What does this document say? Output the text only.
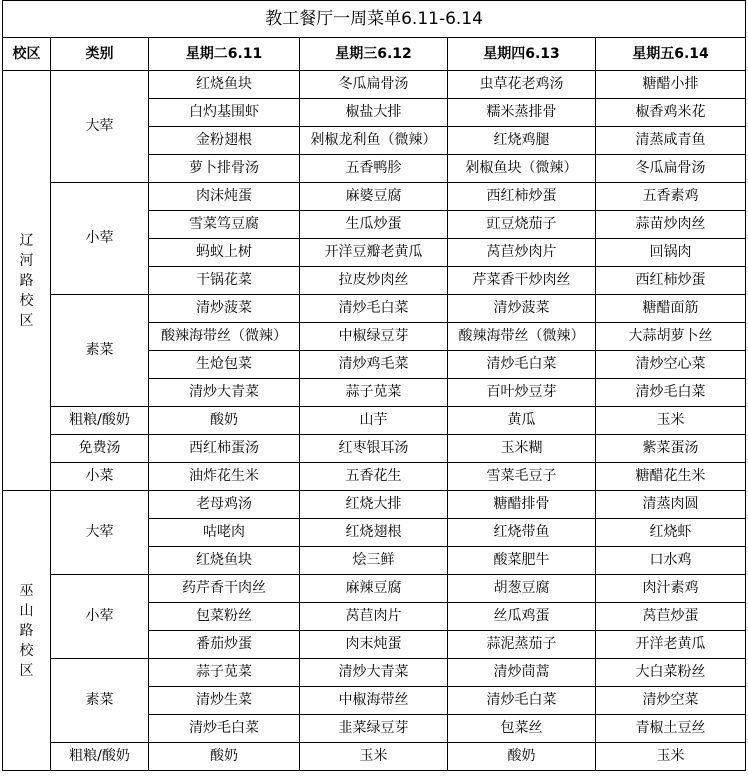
教工餐厅一周菜单6.11-6.14					
校区	类别	星期二6.11	星期三6.12	星期四6.13	星期五6.14
辽河路校区	大荤	红烧鱼块	冬瓜扁骨汤	虫草花老鸡汤	糖醋小排
		白灼基围虾	椒盐大排	糯米蒸排骨	椒香鸡米花
		金粉翅根	剁椒龙利鱼（微辣）	红烧鸡腿	清蒸咸青鱼
		萝卜排骨汤	五香鸭胗	剁椒鱼块（微辣）	冬瓜扁骨汤
	小荤	肉沫炖蛋	麻婆豆腐	西红柿炒蛋	五香素鸡
		雪菜笃豆腐	生瓜炒蛋	豇豆烧茄子	蒜苗炒肉丝
		蚂蚁上树	开洋豆瓣老黄瓜	莴苣炒肉片	回锅肉
		干锅花菜	拉皮炒肉丝	芹菜香干炒肉丝	西红柿炒蛋
	素菜	清炒菠菜	清炒毛白菜	清炒菠菜	糖醋面筋
		酸辣海带丝（微辣）	中椒绿豆芽	酸辣海带丝（微辣）	大蒜胡萝卜丝
		生炝包菜	清炒鸡毛菜	清炒毛白菜	清炒空心菜
		清炒大青菜	蒜子苋菜	百叶炒豆芽	清炒毛白菜
	粗粮/酸奶	酸奶	山芋	黄瓜	玉米
	免费汤	西红柿蛋汤	红枣银耳汤	玉米糊	紫菜蛋汤
	小菜	油炸花生米	五香花生	雪菜毛豆子	糖醋花生米
巫山路校区	大荤	老母鸡汤	红烧大排	糖醋排骨	清蒸肉圆
		咕咾肉	红烧翅根	红烧带鱼	红烧虾
		红烧鱼块	烩三鲜	酸菜肥牛	口水鸡
	小荤	药芹香干肉丝	麻辣豆腐	胡葱豆腐	肉汁素鸡
		包菜粉丝	莴苣肉片	丝瓜鸡蛋	莴苣炒蛋
		番茄炒蛋	肉末炖蛋	蒜泥蒸茄子	开洋老黄瓜
	素菜	蒜子苋菜	清炒大青菜	清炒茼蒿	大白菜粉丝
		清炒生菜	中椒海带丝	清炒毛白菜	清炒空菜
		清炒毛白菜	韭菜绿豆芽	包菜丝	青椒土豆丝
	粗粮/酸奶	酸奶	玉米	酸奶	玉米
